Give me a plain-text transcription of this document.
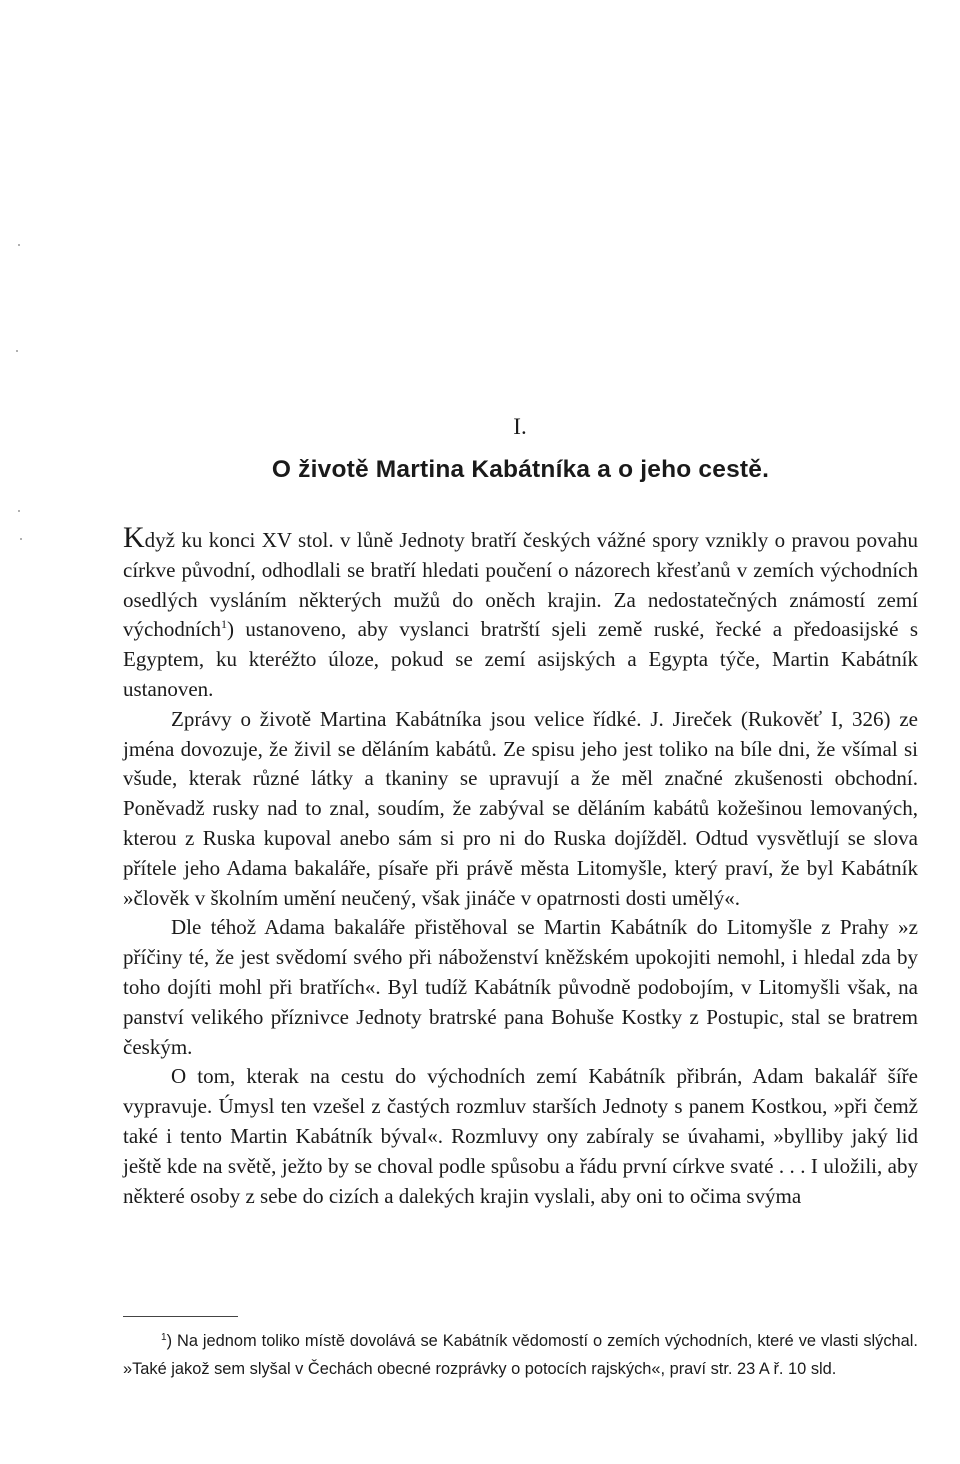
I.
O životě Martina Kabátníka a o jeho cestě.

Když ku konci XV stol. v lůně Jednoty bratří českých vážné spory vznikly o pravou povahu církve původní, odhodlali se bratří hledati poučení o názorech křesťanů v zemích východních osedlých vysláním některých mužů do oněch krajin. Za nedostatečných známostí zemí východních$^1$) ustanoveno, aby vyslanci bratrští sjeli země ruské, řecké a předoasijské s Egyptem, ku kteréžto úloze, pokud se zemí asijských a Egypta týče, Martin Kabátník ustanoven.

Zprávy o životě Martina Kabátníka jsou velice řídké. J. Jireček (Rukověť I, 326) ze jména dovozuje, že živil se děláním kabátů. Ze spisu jeho jest toliko na bíle dni, že všímal si všude, kterak různé látky a tkaniny se upravují a že měl značné zkušenosti obchodní. Poněvadž rusky nad to znal, soudím, že zabýval se děláním kabátů kožešinou lemovaných, kterou z Ruska kupoval anebo sám si pro ni do Ruska dojížděl. Odtud vysvětlují se slova přítele jeho Adama bakaláře, písaře při právě města Litomyšle, který praví, že byl Kabátník »člověk v školním umění neučený, však jináče v opatrnosti dosti umělý«.

Dle téhož Adama bakaláře přistěhoval se Martin Kabátník do Litomyšle z Prahy »z příčiny té, že jest svědomí svého při náboženství kněžském upokojiti nemohl, i hledal zda by toho dojíti mohl při bratřích«. Byl tudíž Kabátník původně podobojím, v Litomyšli však, na panství velikého příznivce Jednoty bratrské pana Bohuše Kostky z Postupic, stal se bratrem českým.

O tom, kterak na cestu do východních zemí Kabátník přibrán, Adam bakalář šíře vypravuje. Úmysl ten vzešel z častých rozmluv starších Jednoty s panem Kostkou, »při čemž také i tento Martin Kabátník býval«. Rozmluvy ony zabíraly se úvahami, »bylliby jaký lid ještě kde na světě, ježto by se choval podle spůsobu a řádu první církve svaté . . . I uložili, aby některé osoby z sebe do cizích a dalekých krajin vyslali, aby oni to očima svýma

$^1$) Na jednom toliko místě dovolává se Kabátník vědomostí o zemích východních, které ve vlasti slýchal. »Také jakož sem slyšal v Čechách obecné rozprávky o potocích rajských«, praví str. 23 A ř. 10 sld.
